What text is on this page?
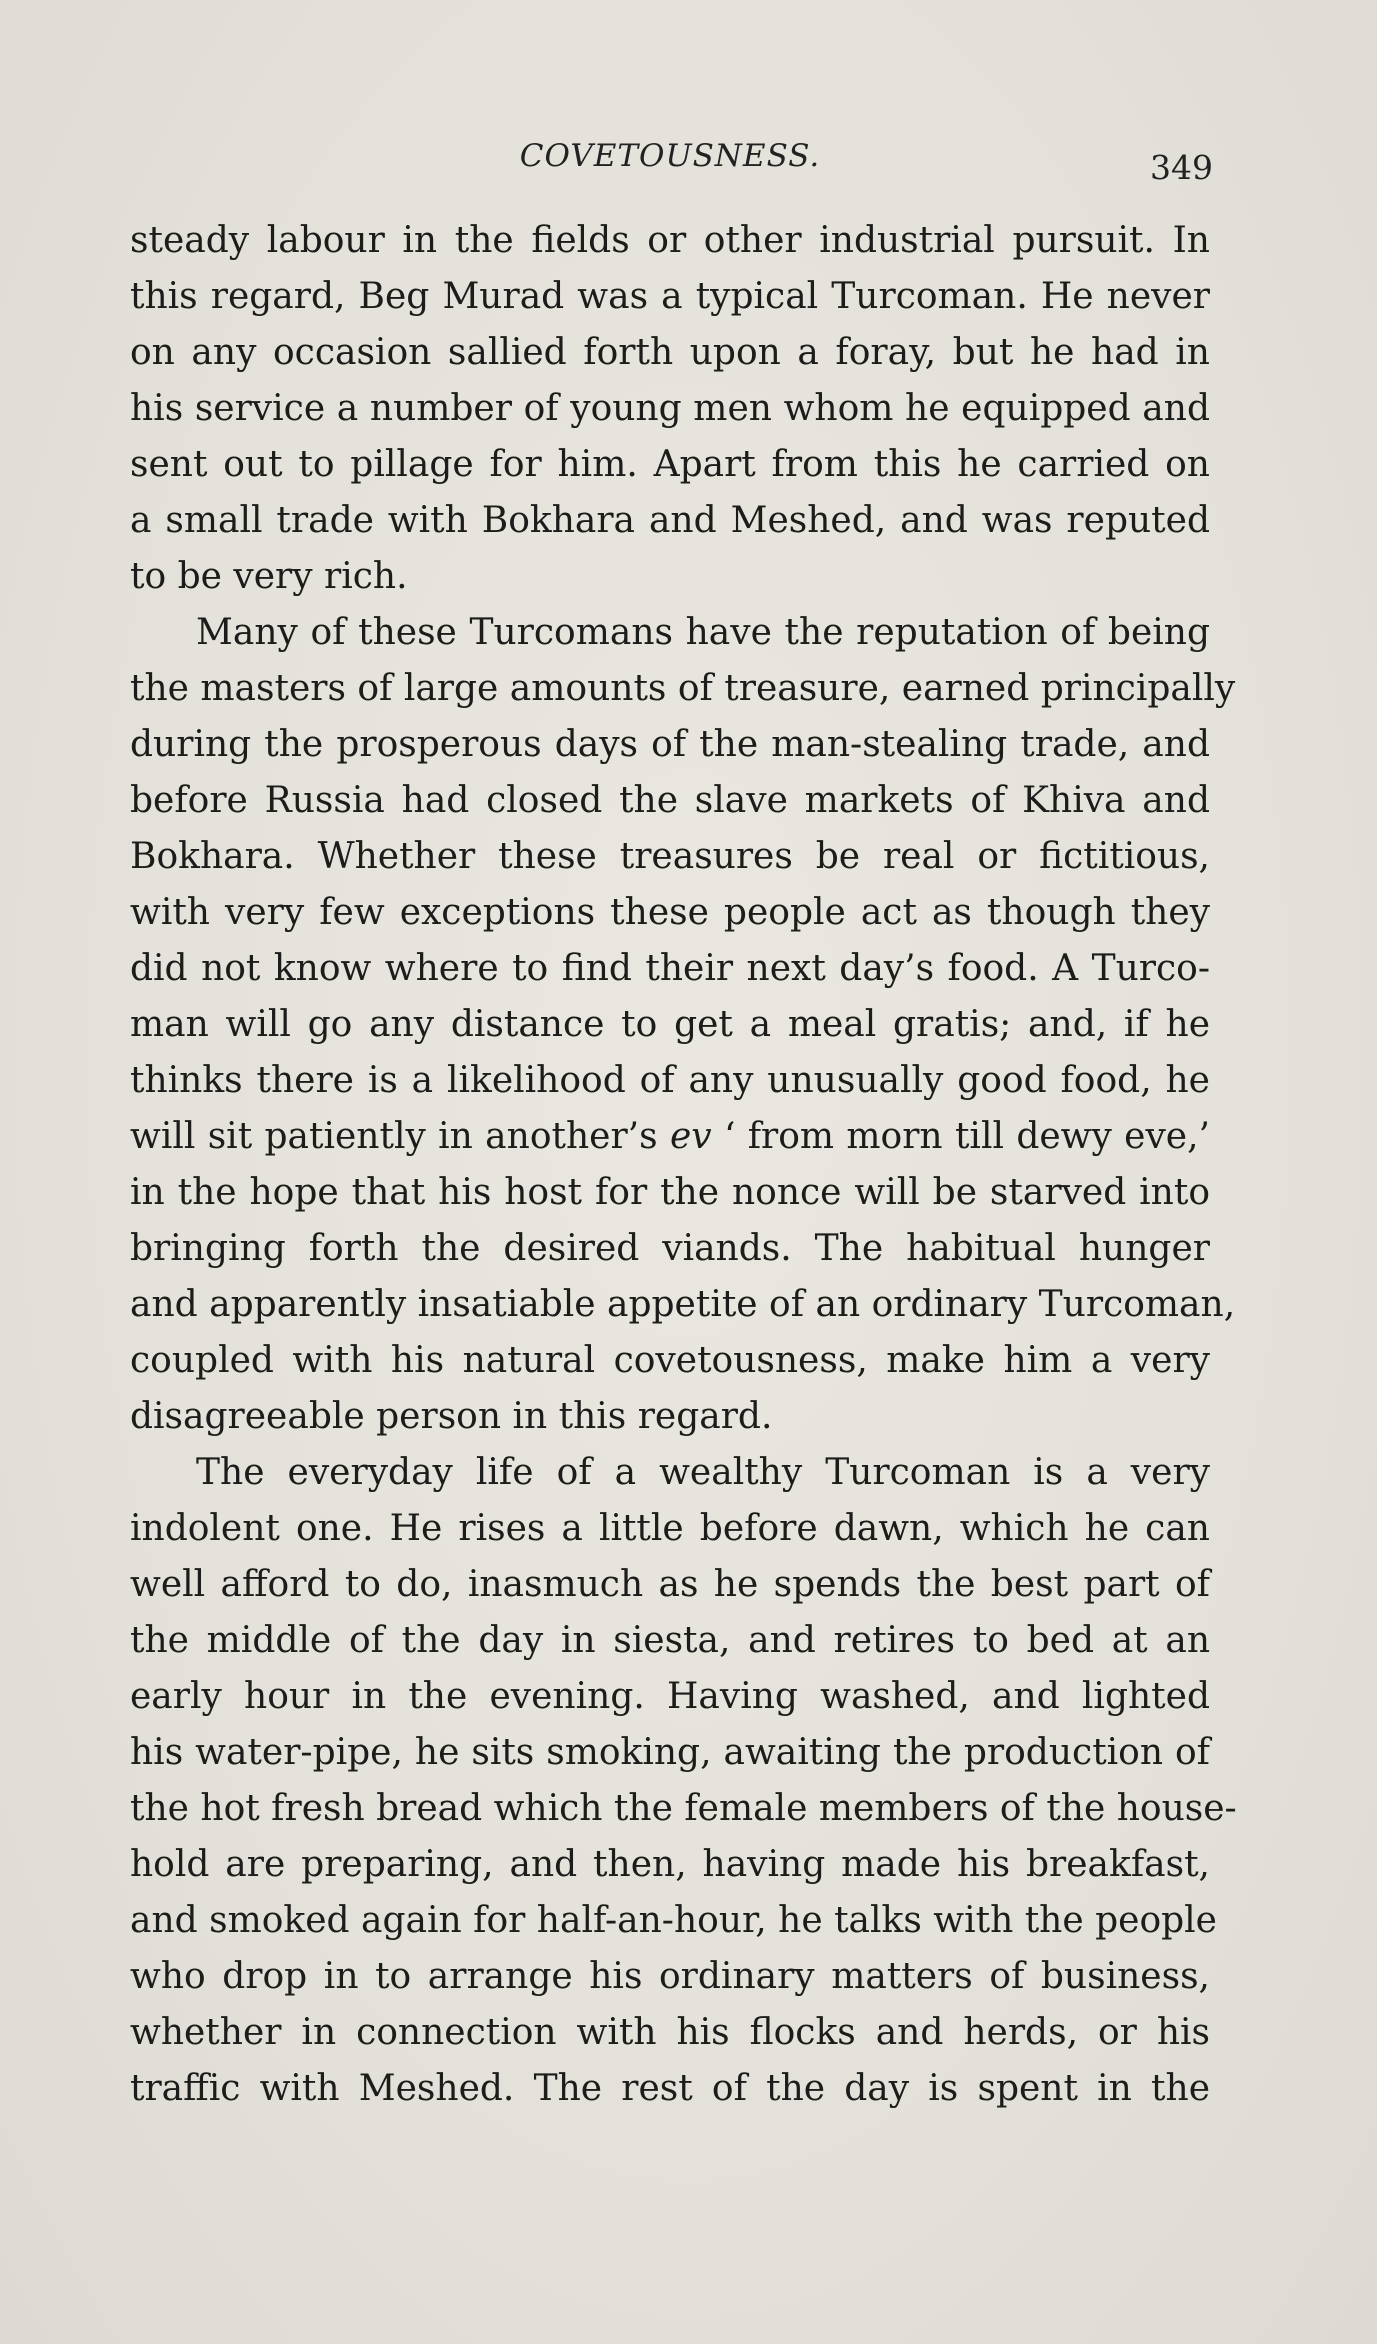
COVETOUSNESS.	349
steady labour in the fields or other industrial pursuit. In
this regard, Beg Murad was a typical Turcoman. He never
on any occasion sallied forth upon a foray, but he had in
his service a number of young men whom he equipped and
sent out to pillage for him. Apart from this he carried on
a small trade with Bokhara and Meshed, and was reputed
to be very rich.
Many of these Turcomans have the reputation of being
the masters of large amounts of treasure, earned principally
during the prosperous days of the man-stealing trade, and
before Russia had closed the slave markets of Khiva and
Bokhara. Whether these treasures be real or fictitious,
with very few exceptions these people act as though they
did not know where to find their next day’s food. A Turco-
man will go any distance to get a meal gratis; and, if he
thinks there is a likelihood of any unusually good food, he
will sit patiently in another’s ev ‘ from morn till dewy eve,’
in the hope that his host for the nonce will be starved into
bringing forth the desired viands. The habitual hunger
and apparently insatiable appetite of an ordinary Turcoman,
coupled with his natural covetousness, make him a very
disagreeable person in this regard.
The everyday life of a wealthy Turcoman is a very
indolent one. He rises a little before dawn, which he can
well afford to do, inasmuch as he spends the best part of
the middle of the day in siesta, and retires to bed at an
early hour in the evening. Having washed, and lighted
his water-pipe, he sits smoking, awaiting the production of
the hot fresh bread which the female members of the house-
hold are preparing, and then, having made his breakfast,
and smoked again for half-an-hour, he talks with the people
who drop in to arrange his ordinary matters of business,
whether in connection with his flocks and herds, or his
traffic with Meshed. The rest of the day is spent in the
